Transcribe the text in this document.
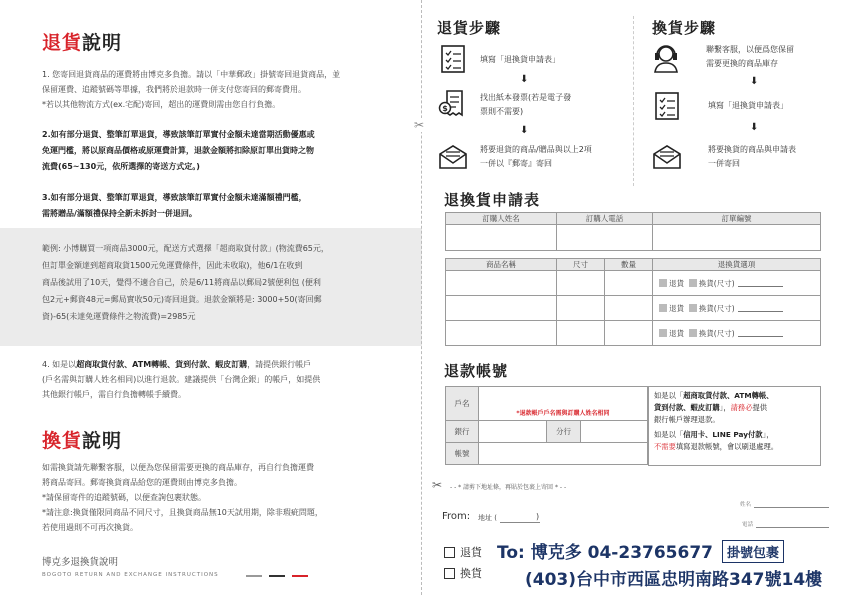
退貨說明
1. 您寄回退貨商品的運費將由博克多負擔。請以「中華郵政」掛號寄回退貨商品，並
保留運費、追蹤號碼等單據，我們將於退款時一併支付您寄回的郵寄費用。
*若以其他物流方式(ex.宅配)寄回，超出的運費則需由您自行負擔。
2.如有部分退貨、整筆訂單退貨，導致該筆訂單實付金額未達當期活動優惠或
免運門檻，將以原商品價格或原運費計算，退款金額將扣除原訂單出貨時之物
流費(65~130元，依所選擇的寄送方式定。)
3.如有部分退貨、整筆訂單退貨，導致該筆訂單實付金額未達滿額禮門檻，
需將贈品/滿額禮保持全新未拆封一併退回。
範例: 小博購買一項商品3000元，配送方式選擇「超商取貨付款」(物流費65元，
但訂單金額達到超商取貨1500元免運費條件，因此未收取)，他6/1在收到
商品後試用了10天，覺得不適合自己，於是6/11將商品以郵局2號便利包 (便利
包2元+郵資48元=郵局實收50元)寄回退貨。退款金額將是: 3000+50(寄回郵
資)-65(未達免運費條件之物流費)=2985元
4. 如是以超商取貨付款、ATM轉帳、貨到付款、蝦皮訂購，請提供銀行帳戶
(戶名需與訂購人姓名相同)以進行退款。建議提供「台灣企銀」的帳戶，如提供
其他銀行帳戶，需自行負擔轉帳手續費。
換貨說明
如需換貨請先聯繫客服，以便為您保留需要更換的商品庫存，再自行負擔運費
將商品寄回。郵寄換貨商品給您的運費則由博克多負擔。
*請保留寄件的追蹤號碼，以便查詢包裹狀態。
*請注意:換貨僅限同商品不同尺寸，且換貨商品無10天試用期，除非瑕疵問題，
若使用過則不可再次換貨。
博克多退換貨說明
BOGOTO RETURN AND EXCHANGE INSTRUCTIONS
✂
退貨步驟	換貨步驟
填寫「退換貨申請表」
⬇
$
找出紙本發票(若是電子發
票則不需要)
⬇
將要退貨的商品/贈品與以上2項
一併以『郵寄』寄回
聯繫客服，以便爲您保留
需要更換的商品庫存
⬇
填寫「退換貨申請表」
⬇
將要換貨的商品與申請表
一併寄回
退換貨申請表
訂購人姓名	訂購人電話	訂單編號

商品名稱	尺寸	數量	退換貨選項
			退貨 換貨(尺寸)
			退貨 換貨(尺寸)
			退貨 換貨(尺寸)
退款帳號
戶名	*退款帳戶戶名需與訂購人姓名相同		
銀行		分行	
帳號			
如是以「超商取貨付款、ATM轉帳、
貨到付款、蝦皮訂購」，請務必提供
銀行帳戶辦理退款。
如是以「信用卡、LINE Pay付款」，
不需要填寫退款帳號，會以刷退處理。
✂ - - * 請剪下地址條，再貼於包裹上寄回 * - -
姓名
From: 地址 (	)
電話
退貨
換貨
To: 博克多 04-23765677	掛號包裹
(403)台中市西區忠明南路347號14樓
